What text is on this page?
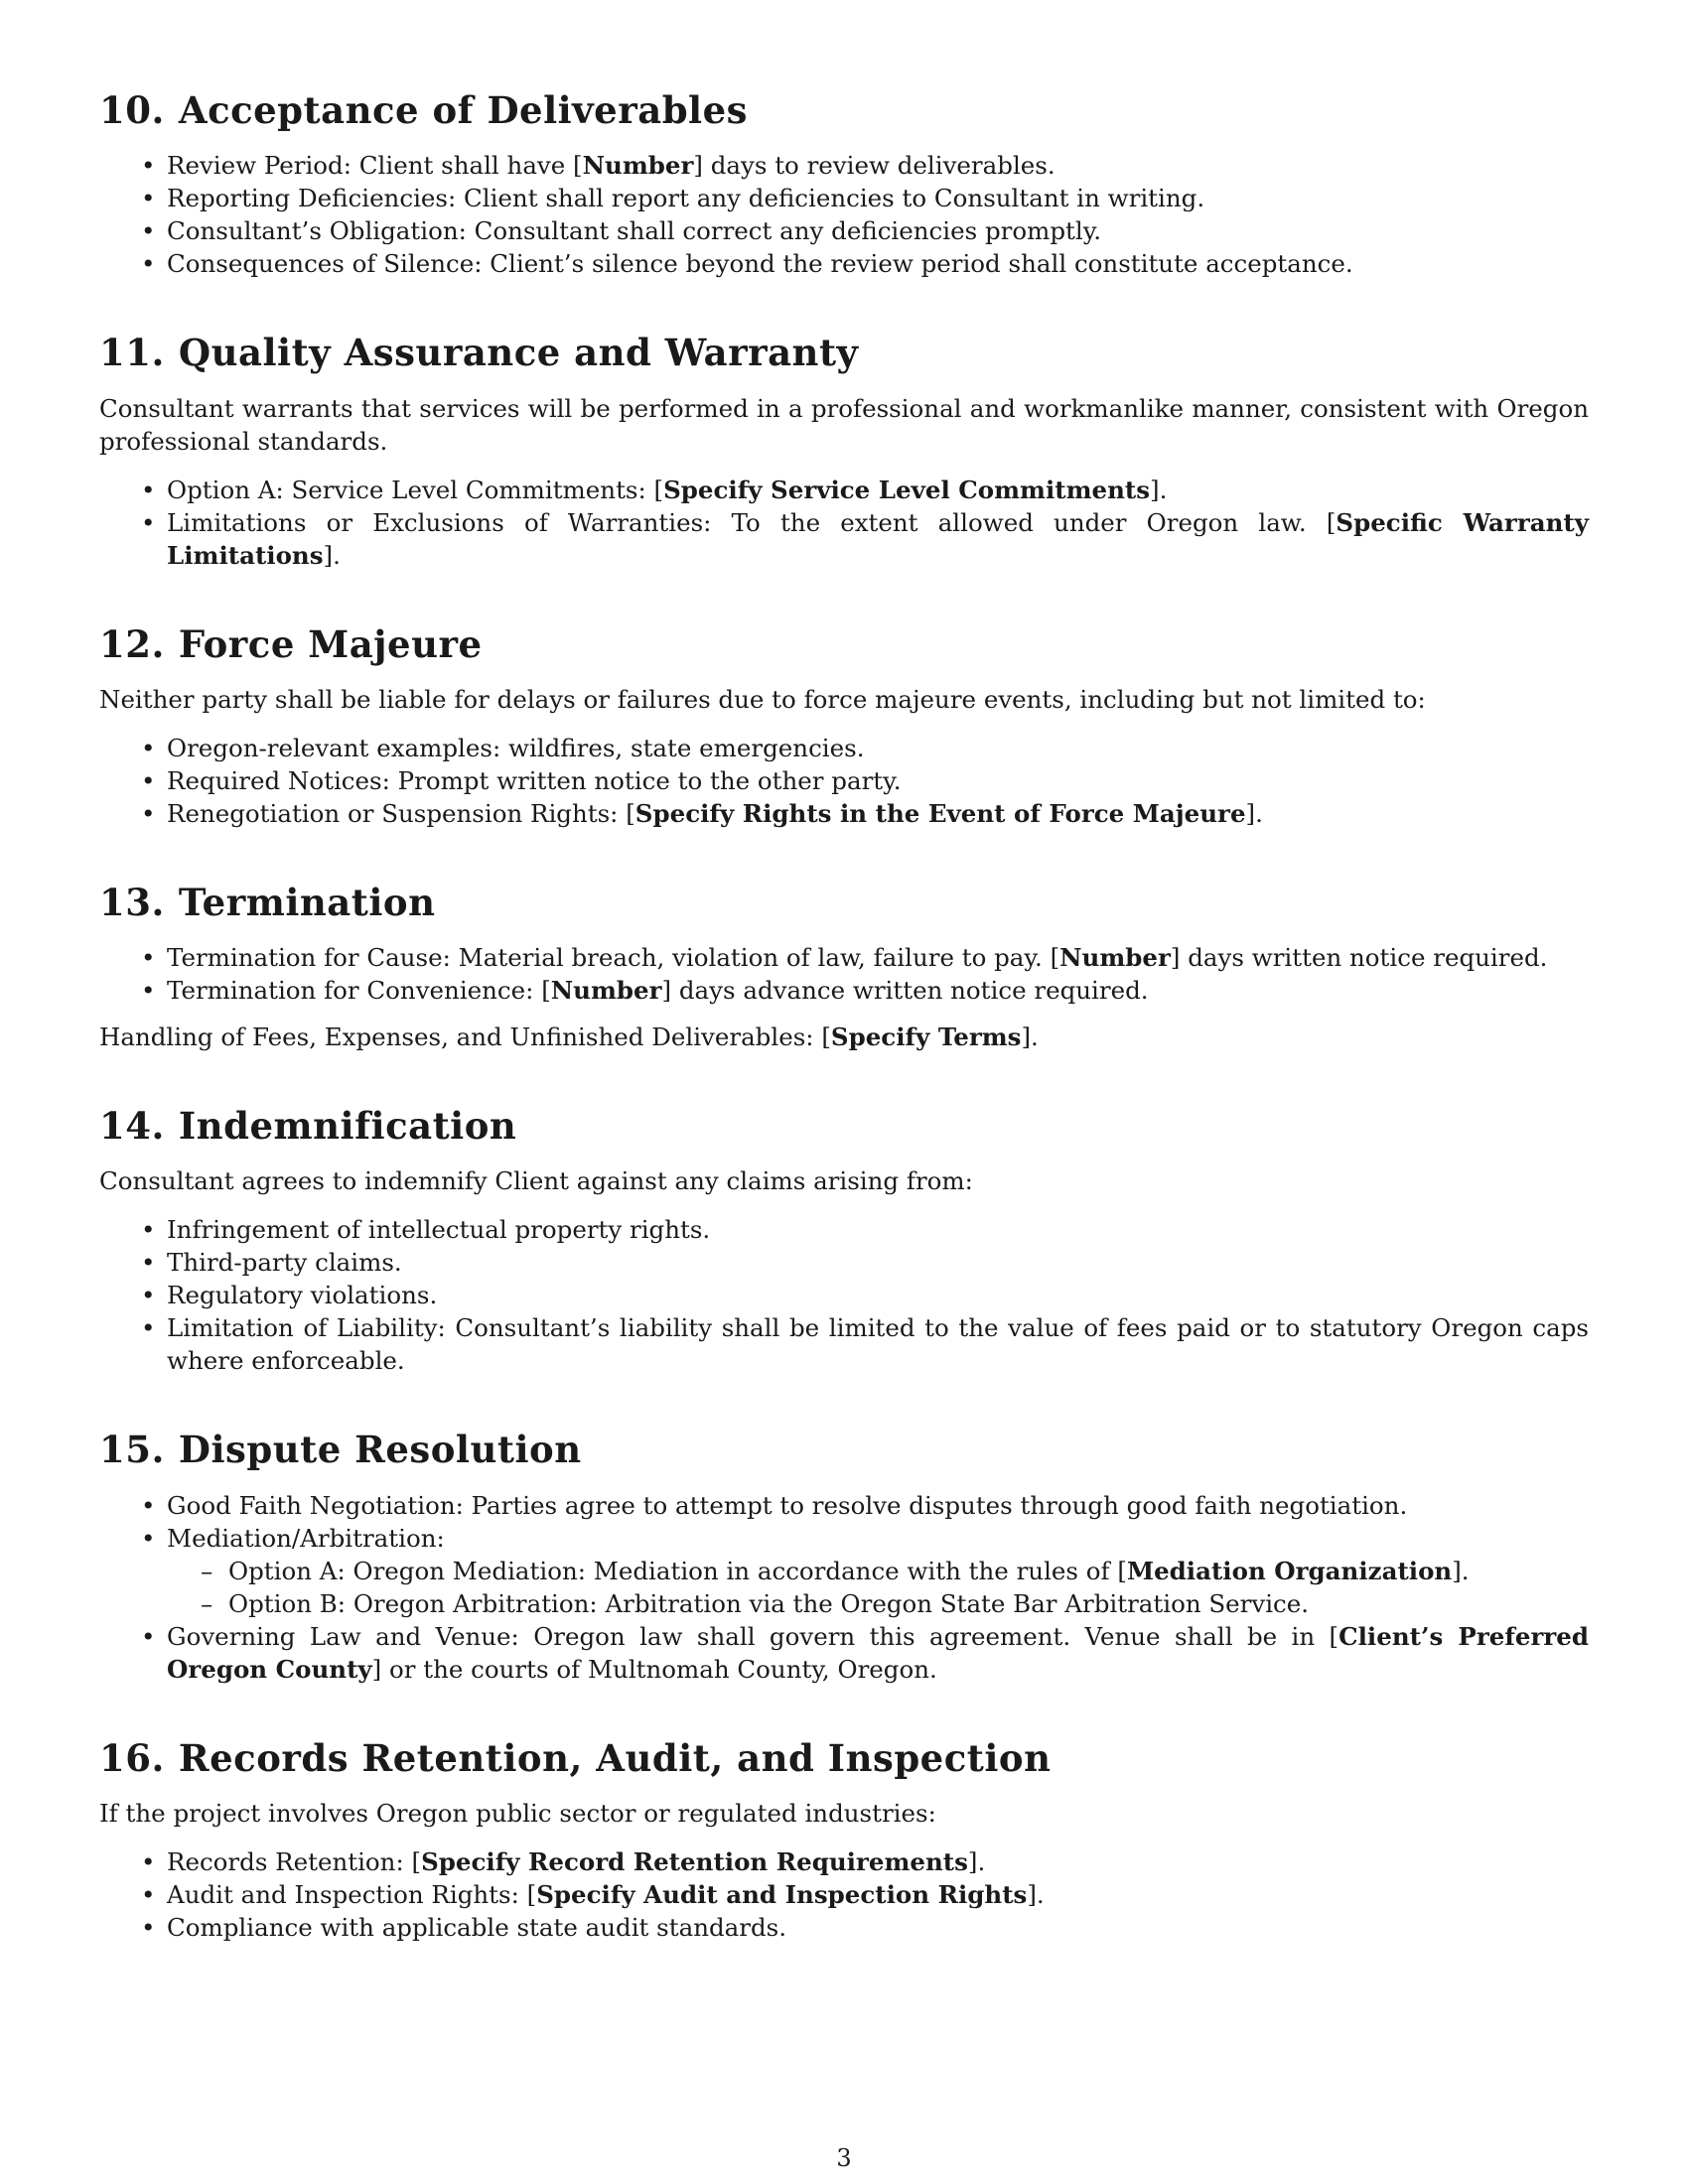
10. Acceptance of Deliverables
• Review Period: Client shall have [Number] days to review deliverables.
• Reporting Deficiencies: Client shall report any deficiencies to Consultant in writing.
• Consultant’s Obligation: Consultant shall correct any deficiencies promptly.
• Consequences of Silence: Client’s silence beyond the review period shall constitute acceptance.
11. Quality Assurance and Warranty

Consultant warrants that services will be performed in a professional and workmanlike manner, consistent with Oregon professional standards.

• Option A: Service Level Commitments: [Specify Service Level Commitments].
• Limitations or Exclusions of Warranties: To the extent allowed under Oregon law. [Specific Warranty Limitations].
12. Force Majeure

Neither party shall be liable for delays or failures due to force majeure events, including but not limited to:

• Oregon-relevant examples: wildfires, state emergencies.
• Required Notices: Prompt written notice to the other party.
• Renegotiation or Suspension Rights: [Specify Rights in the Event of Force Majeure].
13. Termination
• Termination for Cause: Material breach, violation of law, failure to pay. [Number] days written notice required.
• Termination for Convenience: [Number] days advance written notice required.

Handling of Fees, Expenses, and Unfinished Deliverables: [Specify Terms].

14. Indemnification

Consultant agrees to indemnify Client against any claims arising from:

• Infringement of intellectual property rights.
• Third-party claims.
• Regulatory violations.
• Limitation of Liability: Consultant’s liability shall be limited to the value of fees paid or to statutory Oregon caps where enforceable.
15. Dispute Resolution
• Good Faith Negotiation: Parties agree to attempt to resolve disputes through good faith negotiation.
• Mediation/Arbitration:
– Option A: Oregon Mediation: Mediation in accordance with the rules of [Mediation Organization].
– Option B: Oregon Arbitration: Arbitration via the Oregon State Bar Arbitration Service.
• Governing Law and Venue: Oregon law shall govern this agreement. Venue shall be in [Client’s Preferred Oregon County] or the courts of Multnomah County, Oregon.
16. Records Retention, Audit, and Inspection

If the project involves Oregon public sector or regulated industries:

• Records Retention: [Specify Record Retention Requirements].
• Audit and Inspection Rights: [Specify Audit and Inspection Rights].
• Compliance with applicable state audit standards.
3
